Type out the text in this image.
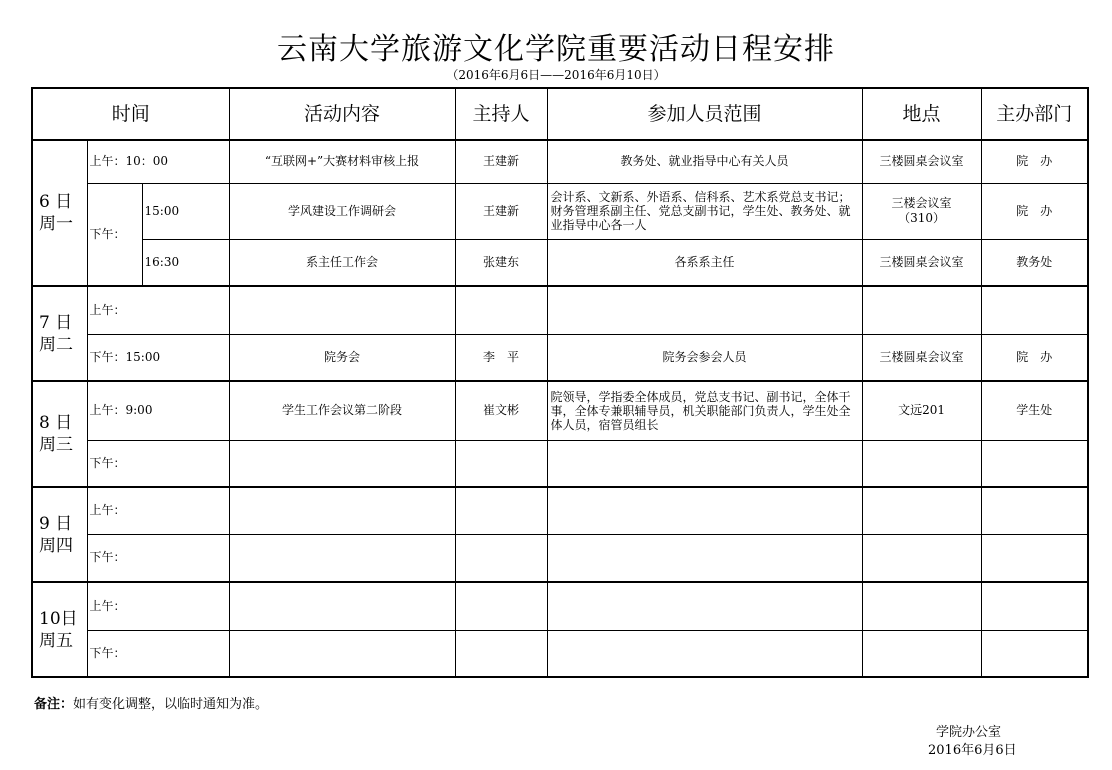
云南大学旅游文化学院重要活动日程安排
（2016年6月6日——2016年6月10日）
时间			活动内容	主持人	参加人员范围	地点	主办部门

6 日
周一	上午：10：00		“互联网+”大赛材料审核上报	王建新	教务处、就业指导中心有关人员	三楼圆桌会议室	院　办
	下午：	15:00	学风建设工作调研会	王建新	会计系、文新系、外语系、信科系、艺术系党总支书记；财务管理系副主任、党总支副书记，学生处、教务处、就业指导中心各一人	三楼会议室（310）	院　办
		16:30	系主任工作会	张建东	各系系主任	三楼圆桌会议室	教务处

7 日
周二	上午：						
	下午：15:00		院务会	李　平	院务会参会人员	三楼圆桌会议室	院　办

8 日
周三	上午：9:00		学生工作会议第二阶段	崔文彬	院领导，学指委全体成员，党总支书记、副书记，全体干事，全体专兼职辅导员，机关职能部门负责人，学生处全体人员，宿管员组长	文远201	学生处
	下午：						

9 日
周四	上午：						
	下午：						

10日
周五	上午：						
	下午：						
备注：如有变化调整，以临时通知为准。
学院办公室
2016年6月6日
